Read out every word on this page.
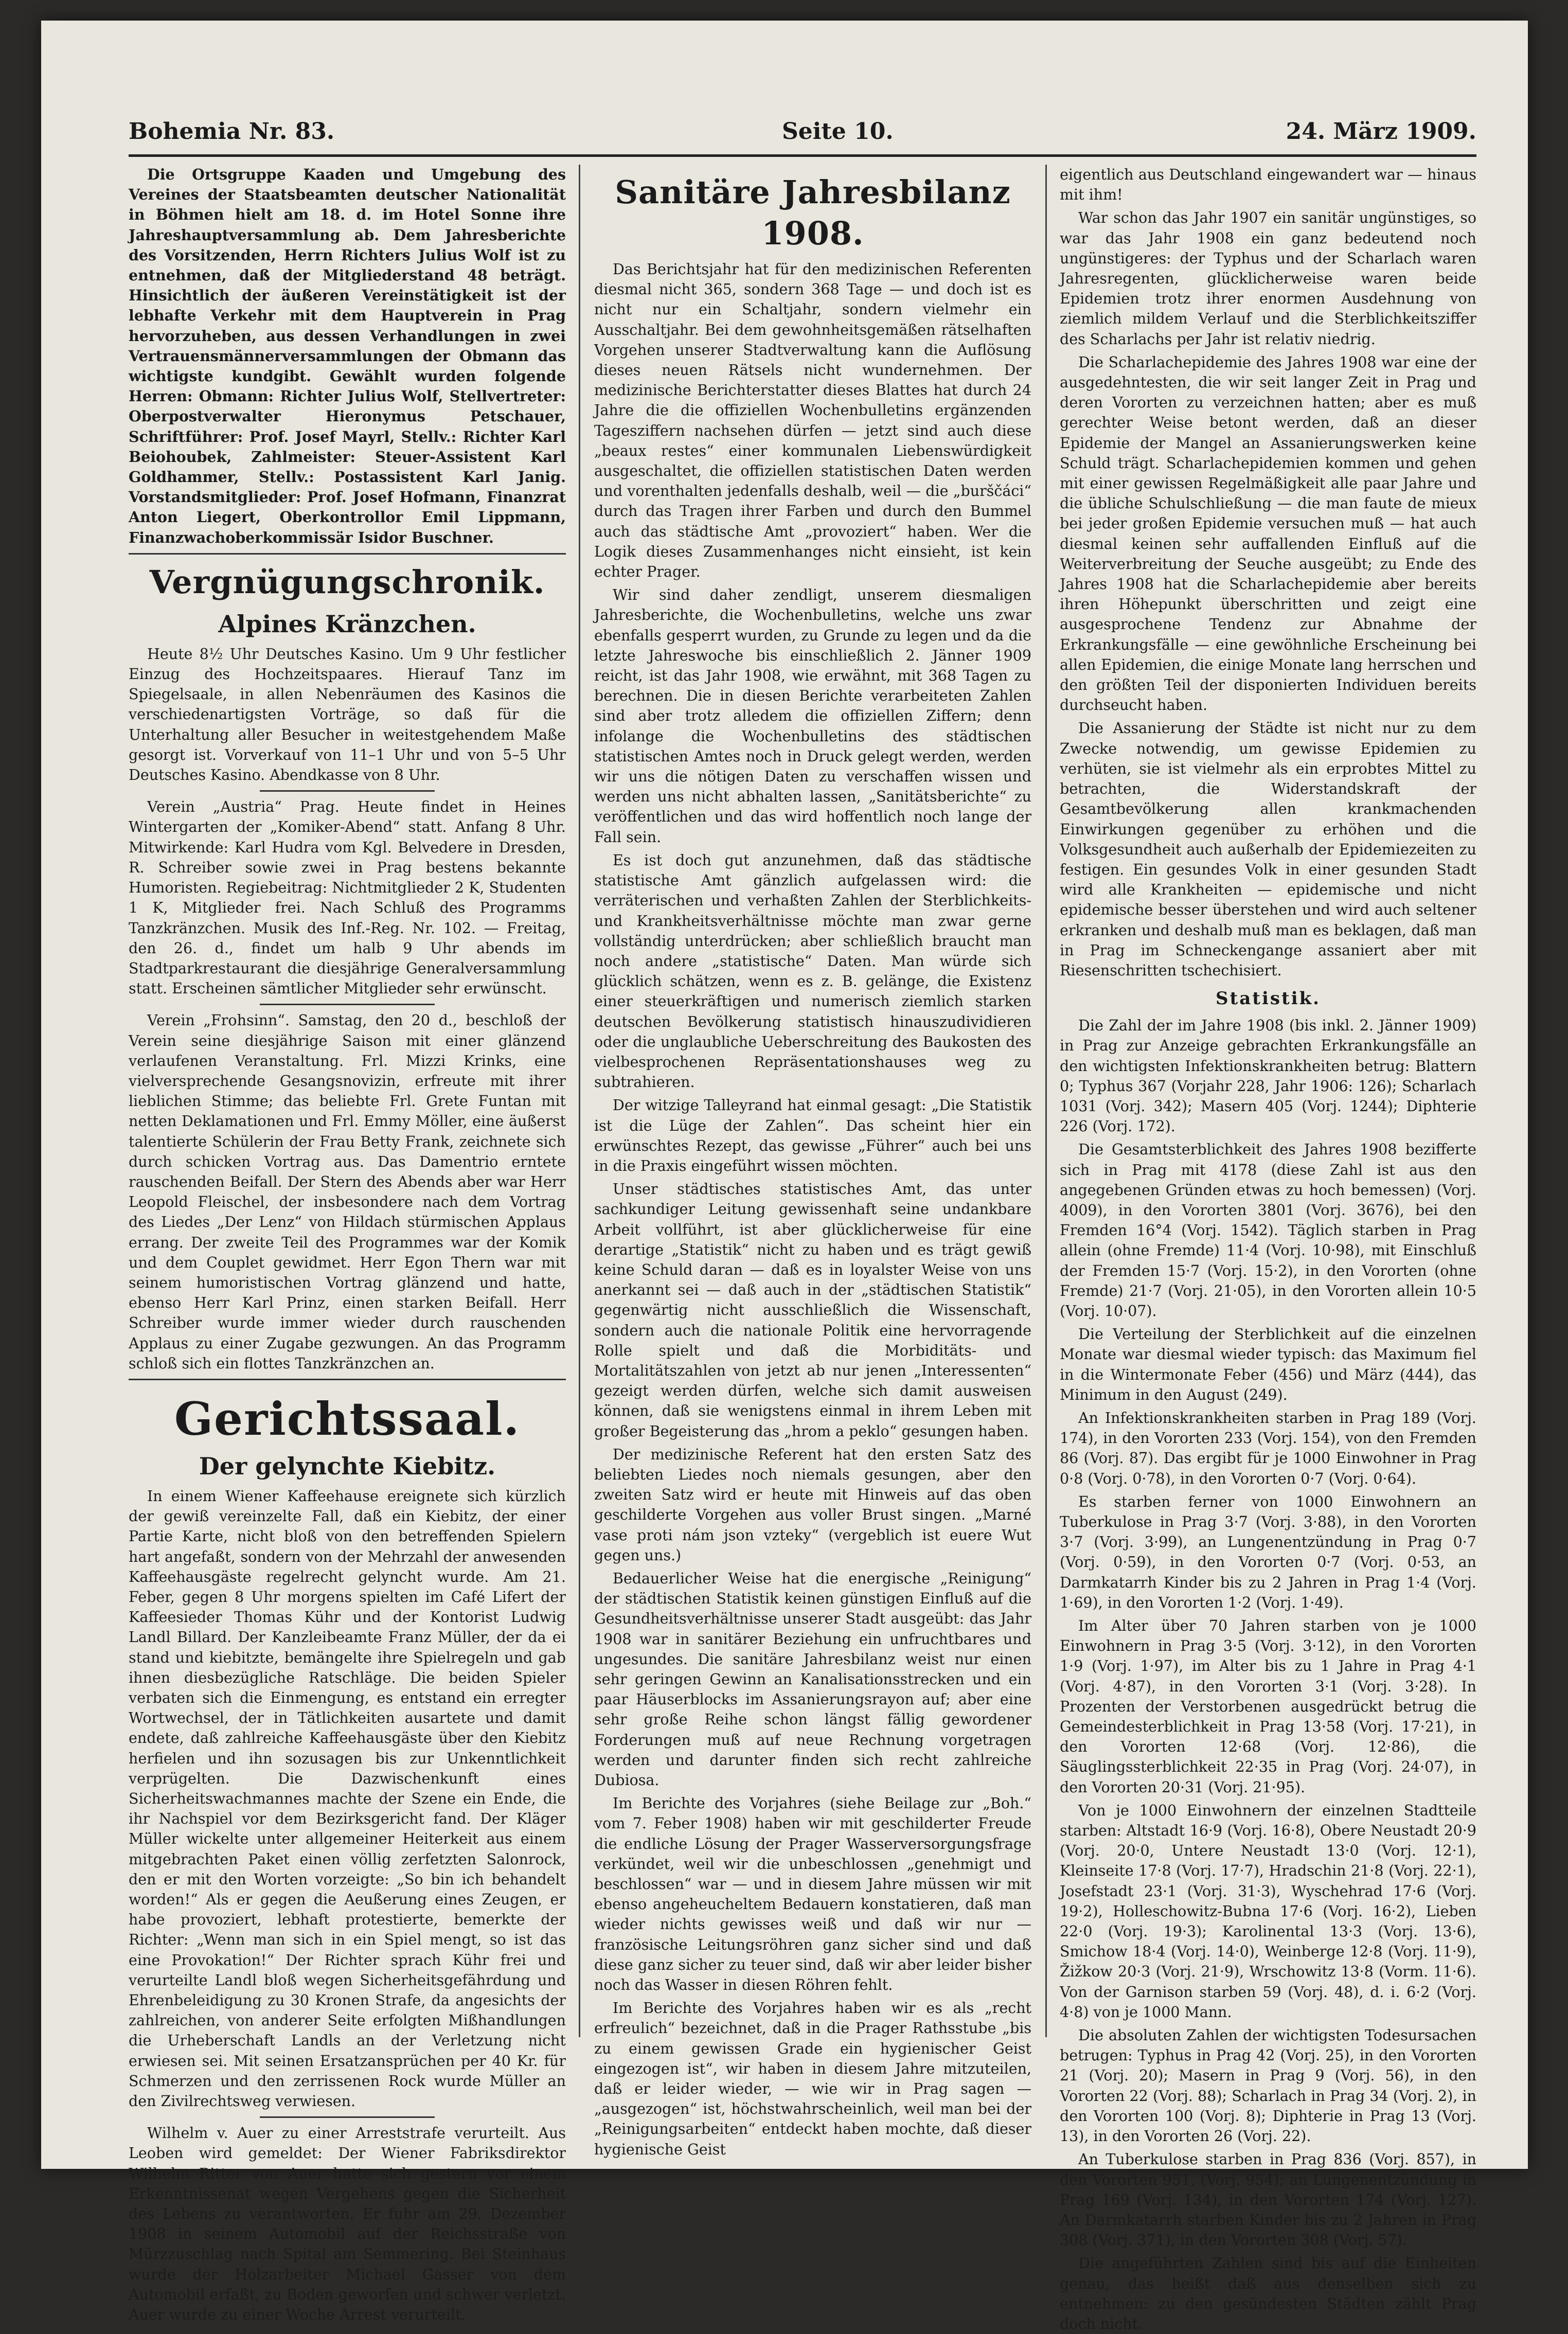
Bohemia Nr. 83.	Seite 10.	24. März 1909.

Die Ortsgruppe Kaaden und Umgebung des Vereines der Staatsbeamten deutscher Nationalität in Böhmen hielt am 18. d. im Hotel Sonne ihre Jahreshauptversammlung ab. Dem Jahresberichte des Vorsitzenden, Herrn Richters Julius Wolf ist zu entnehmen, daß der Mitgliederstand 48 beträgt. Hinsichtlich der äußeren Vereinstätigkeit ist der lebhafte Verkehr mit dem Hauptverein in Prag hervorzuheben, aus dessen Verhandlungen in zwei Vertrauensmännerversammlungen der Obmann das wichtigste kundgibt. Gewählt wurden folgende Herren: Obmann: Richter Julius Wolf, Stellvertreter: Oberpostverwalter Hieronymus Petschauer, Schriftführer: Prof. Josef Mayrl, Stellv.: Richter Karl Beiohoubek, Zahlmeister: Steuer-Assistent Karl Goldhammer, Stellv.: Postassistent Karl Janig. Vorstandsmitglieder: Prof. Josef Hofmann, Finanzrat Anton Liegert, Oberkontrollor Emil Lippmann, Finanzwachoberkommissär Isidor Buschner.

Vergnügungschronik.
Alpines Kränzchen.

Heute 8½ Uhr Deutsches Kasino. Um 9 Uhr festlicher Einzug des Hochzeitspaares. Hierauf Tanz im Spiegelsaale, in allen Nebenräumen des Kasinos die verschiedenartigsten Vorträge, so daß für die Unterhaltung aller Besucher in weitestgehendem Maße gesorgt ist. Vorverkauf von 11–1 Uhr und von 5–5 Uhr Deutsches Kasino. Abendkasse von 8 Uhr.

Verein „Austria“ Prag. Heute findet in Heines Wintergarten der „Komiker-Abend“ statt. Anfang 8 Uhr. Mitwirkende: Karl Hudra vom Kgl. Belvedere in Dresden, R. Schreiber sowie zwei in Prag bestens bekannte Humoristen. Regiebeitrag: Nichtmitglieder 2 K, Studenten 1 K, Mitglieder frei. Nach Schluß des Programms Tanzkränzchen. Musik des Inf.-Reg. Nr. 102. — Freitag, den 26. d., findet um halb 9 Uhr abends im Stadtparkrestaurant die diesjährige Generalversammlung statt. Erscheinen sämtlicher Mitglieder sehr erwünscht.

Verein „Frohsinn“. Samstag, den 20 d., beschloß der Verein seine diesjährige Saison mit einer glänzend verlaufenen Veranstaltung. Frl. Mizzi Krinks, eine vielversprechende Gesangsnovizin, erfreute mit ihrer lieblichen Stimme; das beliebte Frl. Grete Funtan mit netten Deklamationen und Frl. Emmy Möller, eine äußerst talentierte Schülerin der Frau Betty Frank, zeichnete sich durch schicken Vortrag aus. Das Damentrio erntete rauschenden Beifall. Der Stern des Abends aber war Herr Leopold Fleischel, der insbesondere nach dem Vortrag des Liedes „Der Lenz“ von Hildach stürmischen Applaus errang. Der zweite Teil des Programmes war der Komik und dem Couplet gewidmet. Herr Egon Thern war mit seinem humoristischen Vortrag glänzend und hatte, ebenso Herr Karl Prinz, einen starken Beifall. Herr Schreiber wurde immer wieder durch rauschenden Applaus zu einer Zugabe gezwungen. An das Programm schloß sich ein flottes Tanzkränzchen an.

Gerichtssaal.
Der gelynchte Kiebitz.

In einem Wiener Kaffeehause ereignete sich kürzlich der gewiß vereinzelte Fall, daß ein Kiebitz, der einer Partie Karte, nicht bloß von den betreffenden Spielern hart angefaßt, sondern von der Mehrzahl der anwesenden Kaffeehausgäste regelrecht gelyncht wurde. Am 21. Feber, gegen 8 Uhr morgens spielten im Café Lifert der Kaffeesieder Thomas Kühr und der Kontorist Ludwig Landl Billard. Der Kanzleibeamte Franz Müller, der da ei stand und kiebitzte, bemängelte ihre Spielregeln und gab ihnen diesbezügliche Ratschläge. Die beiden Spieler verbaten sich die Einmengung, es entstand ein erregter Wortwechsel, der in Tätlichkeiten ausartete und damit endete, daß zahlreiche Kaffeehausgäste über den Kiebitz herfielen und ihn sozusagen bis zur Unkenntlichkeit verprügelten. Die Dazwischenkunft eines Sicherheitswachmannes machte der Szene ein Ende, die ihr Nachspiel vor dem Bezirksgericht fand. Der Kläger Müller wickelte unter allgemeiner Heiterkeit aus einem mitgebrachten Paket einen völlig zerfetzten Salonrock, den er mit den Worten vorzeigte: „So bin ich behandelt worden!“ Als er gegen die Aeußerung eines Zeugen, er habe provoziert, lebhaft protestierte, bemerkte der Richter: „Wenn man sich in ein Spiel mengt, so ist das eine Provokation!“ Der Richter sprach Kühr frei und verurteilte Landl bloß wegen Sicherheitsgefährdung und Ehrenbeleidigung zu 30 Kronen Strafe, da angesichts der zahlreichen, von anderer Seite erfolgten Mißhandlungen die Urheberschaft Landls an der Verletzung nicht erwiesen sei. Mit seinen Ersatzansprüchen per 40 Kr. für Schmerzen und den zerrissenen Rock wurde Müller an den Zivilrechtsweg verwiesen.

Wilhelm v. Auer zu einer Arreststrafe verurteilt. Aus Leoben wird gemeldet: Der Wiener Fabriksdirektor Wilhelm Ritter von Auer hatte sich gestern vor einem Erkenntnissenat wegen Vergehens gegen die Sicherheit des Lebens zu verantworten. Er fuhr am 29. Dezember 1908 in seinem Automobil auf der Reichsstraße von Mürzzuschlag nach Spital am Semmering. Bei Steinhaus wurde der Holzarbeiter Michael Gasser von dem Automobil erfaßt, zu Boden geworfen und schwer verletzt. Auer wurde zu einer Woche Arrest verurteilt.

Sanitäre Jahresbilanz 1908.

Das Berichtsjahr hat für den medizinischen Referenten diesmal nicht 365, sondern 368 Tage — und doch ist es nicht nur ein Schaltjahr, sondern vielmehr ein Ausschaltjahr. Bei dem gewohnheitsgemäßen rätselhaften Vorgehen unserer Stadtverwaltung kann die Auflösung dieses neuen Rätsels nicht wundernehmen. Der medizinische Berichterstatter dieses Blattes hat durch 24 Jahre die die offiziellen Wochenbulletins ergänzenden Tagesziffern nachsehen dürfen — jetzt sind auch diese „beaux restes“ einer kommunalen Liebenswürdigkeit ausgeschaltet, die offiziellen statistischen Daten werden und vorenthalten jedenfalls deshalb, weil — die „burščáci“ durch das Tragen ihrer Farben und durch den Bummel auch das städtische Amt „provoziert“ haben. Wer die Logik dieses Zusammenhanges nicht einsieht, ist kein echter Prager.

Wir sind daher zendligt, unserem diesmaligen Jahresberichte, die Wochenbulletins, welche uns zwar ebenfalls gesperrt wurden, zu Grunde zu legen und da die letzte Jahreswoche bis einschließlich 2. Jänner 1909 reicht, ist das Jahr 1908, wie erwähnt, mit 368 Tagen zu berechnen. Die in diesen Berichte verarbeiteten Zahlen sind aber trotz alledem die offiziellen Ziffern; denn infolange die Wochenbulletins des städtischen statistischen Amtes noch in Druck gelegt werden, werden wir uns die nötigen Daten zu verschaffen wissen und werden uns nicht abhalten lassen, „Sanitätsberichte“ zu veröffentlichen und das wird hoffentlich noch lange der Fall sein.

Es ist doch gut anzunehmen, daß das städtische statistische Amt gänzlich aufgelassen wird: die verräterischen und verhaßten Zahlen der Sterblichkeits- und Krankheitsverhältnisse möchte man zwar gerne vollständig unterdrücken; aber schließlich braucht man noch andere „statistische“ Daten. Man würde sich glücklich schätzen, wenn es z. B. gelänge, die Existenz einer steuerkräftigen und numerisch ziemlich starken deutschen Bevölkerung statistisch hinauszudividieren oder die unglaubliche Ueberschreitung des Baukosten des vielbesprochenen Repräsentationshauses weg zu subtrahieren.

Der witzige Talleyrand hat einmal gesagt: „Die Statistik ist die Lüge der Zahlen“. Das scheint hier ein erwünschtes Rezept, das gewisse „Führer“ auch bei uns in die Praxis eingeführt wissen möchten.

Unser städtisches statistisches Amt, das unter sachkundiger Leitung gewissenhaft seine undankbare Arbeit vollführt, ist aber glücklicherweise für eine derartige „Statistik“ nicht zu haben und es trägt gewiß keine Schuld daran — daß es in loyalster Weise von uns anerkannt sei — daß auch in der „städtischen Statistik“ gegenwärtig nicht ausschließlich die Wissenschaft, sondern auch die nationale Politik eine hervorragende Rolle spielt und daß die Morbiditäts- und Mortalitätszahlen von jetzt ab nur jenen „Interessenten“ gezeigt werden dürfen, welche sich damit ausweisen können, daß sie wenigstens einmal in ihrem Leben mit großer Begeisterung das „hrom a peklo“ gesungen haben.

Der medizinische Referent hat den ersten Satz des beliebten Liedes noch niemals gesungen, aber den zweiten Satz wird er heute mit Hinweis auf das oben geschilderte Vorgehen aus voller Brust singen. „Marné vase proti nám json vzteky“ (vergeblich ist euere Wut gegen uns.)

Bedauerlicher Weise hat die energische „Reinigung“ der städtischen Statistik keinen günstigen Einfluß auf die Gesundheitsverhältnisse unserer Stadt ausgeübt: das Jahr 1908 war in sanitärer Beziehung ein unfruchtbares und ungesundes. Die sanitäre Jahresbilanz weist nur einen sehr geringen Gewinn an Kanalisationsstrecken und ein paar Häuserblocks im Assanierungsrayon auf; aber eine sehr große Reihe schon längst fällig gewordener Forderungen muß auf neue Rechnung vorgetragen werden und darunter finden sich recht zahlreiche Dubiosa.

Im Berichte des Vorjahres (siehe Beilage zur „Boh.“ vom 7. Feber 1908) haben wir mit geschilderter Freude die endliche Lösung der Prager Wasserversorgungsfrage verkündet, weil wir die unbeschlossen „genehmigt und beschlossen“ war — und in diesem Jahre müssen wir mit ebenso angeheucheltem Bedauern konstatieren, daß man wieder nichts gewisses weiß und daß wir nur — französische Leitungsröhren ganz sicher sind und daß diese ganz sicher zu teuer sind, daß wir aber leider bisher noch das Wasser in diesen Röhren fehlt.

Im Berichte des Vorjahres haben wir es als „recht erfreulich“ bezeichnet, daß in die Prager Rathsstube „bis zu einem gewissen Grade ein hygienischer Geist eingezogen ist“, wir haben in diesem Jahre mitzuteilen, daß er leider wieder, — wie wir in Prag sagen — „ausgezogen“ ist, höchstwahrscheinlich, weil man bei der „Reinigungsarbeiten“ entdeckt haben mochte, daß dieser hygienische Geist

eigentlich aus Deutschland eingewandert war — hinaus mit ihm!

War schon das Jahr 1907 ein sanitär ungünstiges, so war das Jahr 1908 ein ganz bedeutend noch ungünstigeres: der Typhus und der Scharlach waren Jahresregenten, glücklicherweise waren beide Epidemien trotz ihrer enormen Ausdehnung von ziemlich mildem Verlauf und die Sterblichkeitsziffer des Scharlachs per Jahr ist relativ niedrig.

Die Scharlachepidemie des Jahres 1908 war eine der ausgedehntesten, die wir seit langer Zeit in Prag und deren Vororten zu verzeichnen hatten; aber es muß gerechter Weise betont werden, daß an dieser Epidemie der Mangel an Assanierungswerken keine Schuld trägt. Scharlachepidemien kommen und gehen mit einer gewissen Regelmäßigkeit alle paar Jahre und die übliche Schulschließung — die man faute de mieux bei jeder großen Epidemie versuchen muß — hat auch diesmal keinen sehr auffallenden Einfluß auf die Weiterverbreitung der Seuche ausgeübt; zu Ende des Jahres 1908 hat die Scharlachepidemie aber bereits ihren Höhepunkt überschritten und zeigt eine ausgesprochene Tendenz zur Abnahme der Erkrankungsfälle — eine gewöhnliche Erscheinung bei allen Epidemien, die einige Monate lang herrschen und den größten Teil der disponierten Individuen bereits durchseucht haben.

Die Assanierung der Städte ist nicht nur zu dem Zwecke notwendig, um gewisse Epidemien zu verhüten, sie ist vielmehr als ein erprobtes Mittel zu betrachten, die Widerstandskraft der Gesamtbevölkerung allen krankmachenden Einwirkungen gegenüber zu erhöhen und die Volksgesundheit auch außerhalb der Epidemiezeiten zu festigen. Ein gesundes Volk in einer gesunden Stadt wird alle Krankheiten — epidemische und nicht epidemische besser überstehen und wird auch seltener erkranken und deshalb muß man es beklagen, daß man in Prag im Schneckengange assaniert aber mit Riesenschritten tschechisiert.

Statistik.

Die Zahl der im Jahre 1908 (bis inkl. 2. Jänner 1909) in Prag zur Anzeige gebrachten Erkrankungsfälle an den wichtigsten Infektionskrankheiten betrug: Blattern 0; Typhus 367 (Vorjahr 228, Jahr 1906: 126); Scharlach 1031 (Vorj. 342); Masern 405 (Vorj. 1244); Diphterie 226 (Vorj. 172).

Die Gesamtsterblichkeit des Jahres 1908 bezifferte sich in Prag mit 4178 (diese Zahl ist aus den angegebenen Gründen etwas zu hoch bemessen) (Vorj. 4009), in den Vororten 3801 (Vorj. 3676), bei den Fremden 16°4 (Vorj. 1542). Täglich starben in Prag allein (ohne Fremde) 11·4 (Vorj. 10·98), mit Einschluß der Fremden 15·7 (Vorj. 15·2), in den Vororten (ohne Fremde) 21·7 (Vorj. 21·05), in den Vororten allein 10·5 (Vorj. 10·07).

Die Verteilung der Sterblichkeit auf die einzelnen Monate war diesmal wieder typisch: das Maximum fiel in die Wintermonate Feber (456) und März (444), das Minimum in den August (249).

An Infektionskrankheiten starben in Prag 189 (Vorj. 174), in den Vororten 233 (Vorj. 154), von den Fremden 86 (Vorj. 87). Das ergibt für je 1000 Einwohner in Prag 0·8 (Vorj. 0·78), in den Vororten 0·7 (Vorj. 0·64).

Es starben ferner von 1000 Einwohnern an Tuberkulose in Prag 3·7 (Vorj. 3·88), in den Vororten 3·7 (Vorj. 3·99), an Lungenentzündung in Prag 0·7 (Vorj. 0·59), in den Vororten 0·7 (Vorj. 0·53, an Darmkatarrh Kinder bis zu 2 Jahren in Prag 1·4 (Vorj. 1·69), in den Vororten 1·2 (Vorj. 1·49).

Im Alter über 70 Jahren starben von je 1000 Einwohnern in Prag 3·5 (Vorj. 3·12), in den Vororten 1·9 (Vorj. 1·97), im Alter bis zu 1 Jahre in Prag 4·1 (Vorj. 4·87), in den Vororten 3·1 (Vorj. 3·28). In Prozenten der Verstorbenen ausgedrückt betrug die Gemeindesterblichkeit in Prag 13·58 (Vorj. 17·21), in den Vororten 12·68 (Vorj. 12·86), die Säuglingssterblichkeit 22·35 in Prag (Vorj. 24·07), in den Vororten 20·31 (Vorj. 21·95).

Von je 1000 Einwohnern der einzelnen Stadtteile starben: Altstadt 16·9 (Vorj. 16·8), Obere Neustadt 20·9 (Vorj. 20·0, Untere Neustadt 13·0 (Vorj. 12·1), Kleinseite 17·8 (Vorj. 17·7), Hradschin 21·8 (Vorj. 22·1), Josefstadt 23·1 (Vorj. 31·3), Wyschehrad 17·6 (Vorj. 19·2), Holleschowitz-Bubna 17·6 (Vorj. 16·2), Lieben 22·0 (Vorj. 19·3); Karolinental 13·3 (Vorj. 13·6), Smichow 18·4 (Vorj. 14·0), Weinberge 12·8 (Vorj. 11·9), Žižkow 20·3 (Vorj. 21·9), Wrschowitz 13·8 (Vorm. 11·6). Von der Garnison starben 59 (Vorj. 48), d. i. 6·2 (Vorj. 4·8) von je 1000 Mann.

Die absoluten Zahlen der wichtigsten Todesursachen betrugen: Typhus in Prag 42 (Vorj. 25), in den Vororten 21 (Vorj. 20); Masern in Prag 9 (Vorj. 56), in den Vororten 22 (Vorj. 88); Scharlach in Prag 34 (Vorj. 2), in den Vororten 100 (Vorj. 8); Diphterie in Prag 13 (Vorj. 13), in den Vororten 26 (Vorj. 22).

An Tuberkulose starben in Prag 836 (Vorj. 857), in den Vororten 951, (Vorj. 954); an Lungenentzündung in Prag 169 (Vorj. 134), in den Vororten 174 (Vorj. 127). An Darmkatarrh starben Kinder bis zu 2 Jahren in Prag 308 (Vorj. 371), in den Vororten 308 (Vorj. 57).

Die angeführten Zahlen sind bis auf die Einheiten genau, das heißt daß aus denselben sich zu entnehmen: zu den gesündesten Städten zählt Prag doch nicht.
